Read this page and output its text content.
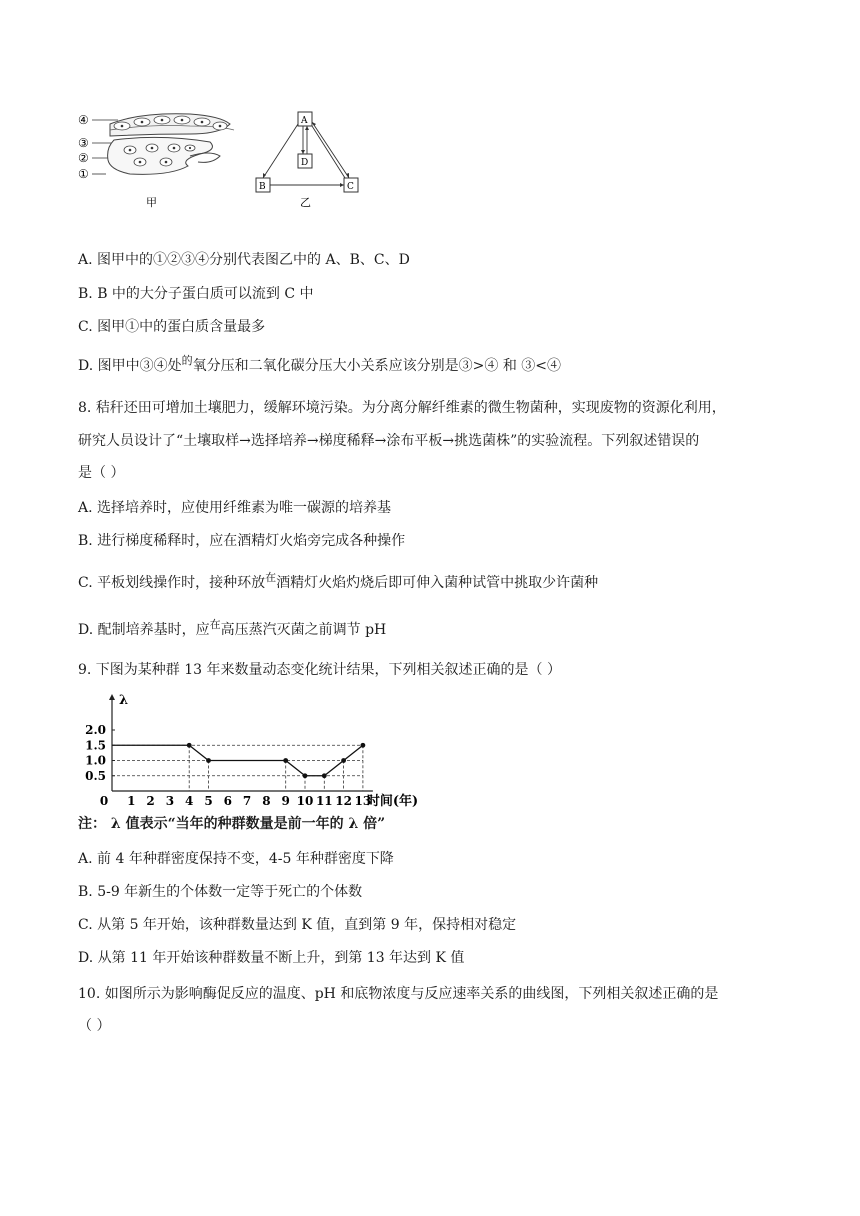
④
③
②
①
甲
A
D
B	C
乙
A. 图甲中的①②③④分别代表图乙中的 A、B、C、D
B. B 中的大分子蛋白质可以流到 C 中
C. 图甲①中的蛋白质含量最多
D. 图甲中③④处$^的$氧分压和二氧化碳分压大小关系应该分别是③>④ 和 ③<④
8. 秸秆还田可增加土壤肥力，缓解环境污染。为分离分解纤维素的微生物菌种，实现废物的资源化利用，
研究人员设计了“土壤取样→选择培养→梯度稀释→涂布平板→挑选菌株”的实验流程。下列叙述错误的
是（ ）
A. 选择培养时，应使用纤维素为唯一碳源的培养基
B. 进行梯度稀释时，应在酒精灯火焰旁完成各种操作
C. 平板划线操作时，接种环放$^在$酒精灯火焰灼烧后即可伸入菌种试管中挑取少许菌种
D. 配制培养基时，应$^在$高压蒸汽灭菌之前调节 pH
9. 下图为某种群 13 年来数量动态变化统计结果，下列相关叙述正确的是（ ）
λ
时间(年)
2.0
1.5
1.0
0.5
0 1 2 3 4 5 6 7 8 9 10 11 12 13
注： λ 值表示“当年的种群数量是前一年的 λ 倍”
A. 前 4 年种群密度保持不变，4-5 年种群密度下降
B. 5-9 年新生的个体数一定等于死亡的个体数
C. 从第 5 年开始，该种群数量达到 K 值，直到第 9 年，保持相对稳定
D. 从第 11 年开始该种群数量不断上升，到第 13 年达到 K 值
10. 如图所示为影响酶促反应的温度、pH 和底物浓度与反应速率关系的曲线图，下列相关叙述正确的是
（ ）
